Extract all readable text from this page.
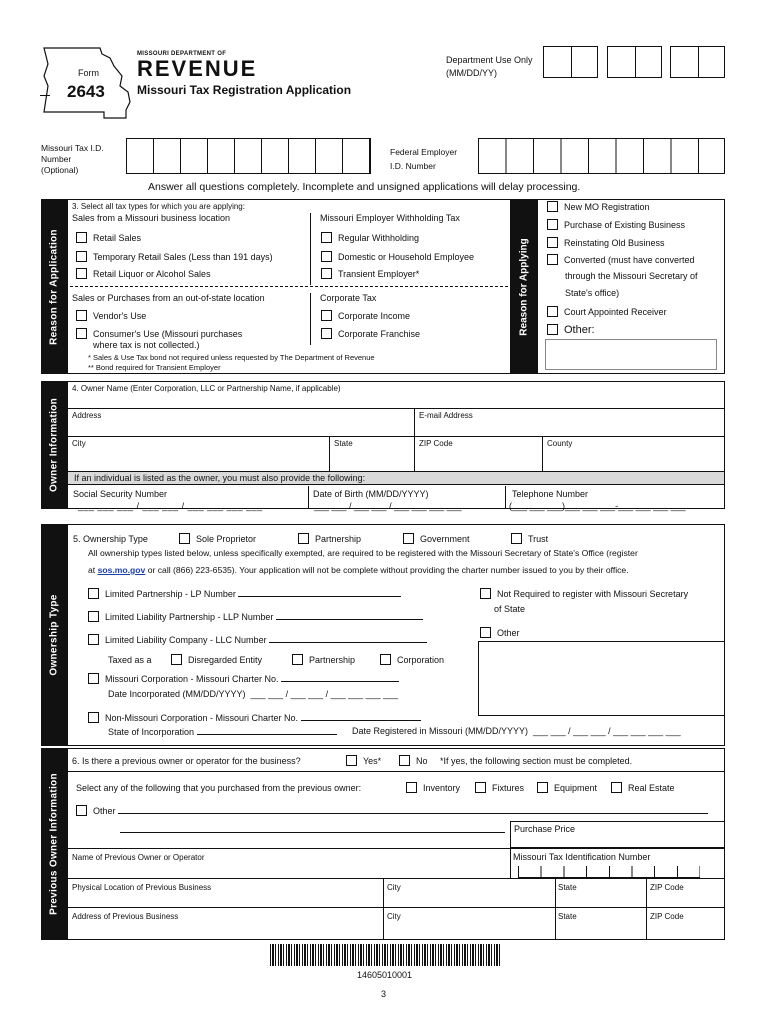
Form
2643
MISSOURI DEPARTMENT OF
REVENUE
Missouri Tax Registration Application
Department Use Only
(MM/DD/YY)
Missouri Tax I.D.
Number
(Optional)
Federal Employer
I.D. Number
Answer all questions completely. Incomplete and unsigned applications will delay processing.
Reason for Application
3. Select all tax types for which you are applying:
Sales from a Missouri business location	Missouri Employer Withholding Tax
Retail Sales
Temporary Retail Sales (Less than 191 days)
Retail Liquor or Alcohol Sales
Regular Withholding
Domestic or Household Employee
Transient Employer*
Sales or Purchases from an out-of-state location	Corporate Tax
Vendor's Use
Consumer's Use (Missouri purchases
where tax is not collected.)
Corporate Income
Corporate Franchise
* Sales & Use Tax bond not required unless requested by The Department of Revenue
** Bond required for Transient Employer
Reason for Applying
New MO Registration
Purchase of Existing Business
Reinstating Old Business
Converted (must have converted
through the Missouri Secretary of
State's office)
Court Appointed Receiver
Other:
Owner Information
4. Owner Name (Enter Corporation, LLC or Partnership Name, if applicable)
Address	E-mail Address
City	State	ZIP Code	County
If an individual is listed as the owner, you must also provide the following:
Social Security Number
___ ___ ___ / ___ ___ / ___ ___ ___ ___
Date of Birth (MM/DD/YYYY)
___ ___ / ___ ___ / ___ ___ ___ ___
Telephone Number
(___ ___ ___)___ ___ ___-___ ___ ___ ___
Ownership Type
5. Ownership Type	Sole Proprietor	Partnership	Government	Trust
All ownership types listed below, unless specifically exempted, are required to be registered with the Missouri Secretary of State's Office (register
at sos.mo.gov or call (866) 223-6535). Your application will not be complete without providing the charter number issued to you by their office.
Limited Partnership - LP Number
Limited Liability Partnership - LLP Number
Limited Liability Company - LLC Number
Taxed as a	Disregarded Entity	Partnership	Corporation
Missouri Corporation - Missouri Charter No.
Date Incorporated (MM/DD/YYYY)  ___ ___ / ___ ___ / ___ ___ ___ ___
Non-Missouri Corporation - Missouri Charter No.
State of Incorporation	Date Registered in Missouri (MM/DD/YYYY)  ___ ___ / ___ ___ / ___ ___ ___ ___
Not Required to register with Missouri Secretary
of State
Other
Previous Owner Information
6. Is there a previous owner or operator for the business?	Yes*	No *If yes, the following section must be completed.
Select any of the following that you purchased from the previous owner:	Inventory	Fixtures	Equipment	Real Estate
Other
Purchase Price
Name of Previous Owner or Operator	Missouri Tax Identification Number
Physical Location of Previous Business	City	State	ZIP Code
Address of Previous Business	City	State	ZIP Code
14605010001
3
